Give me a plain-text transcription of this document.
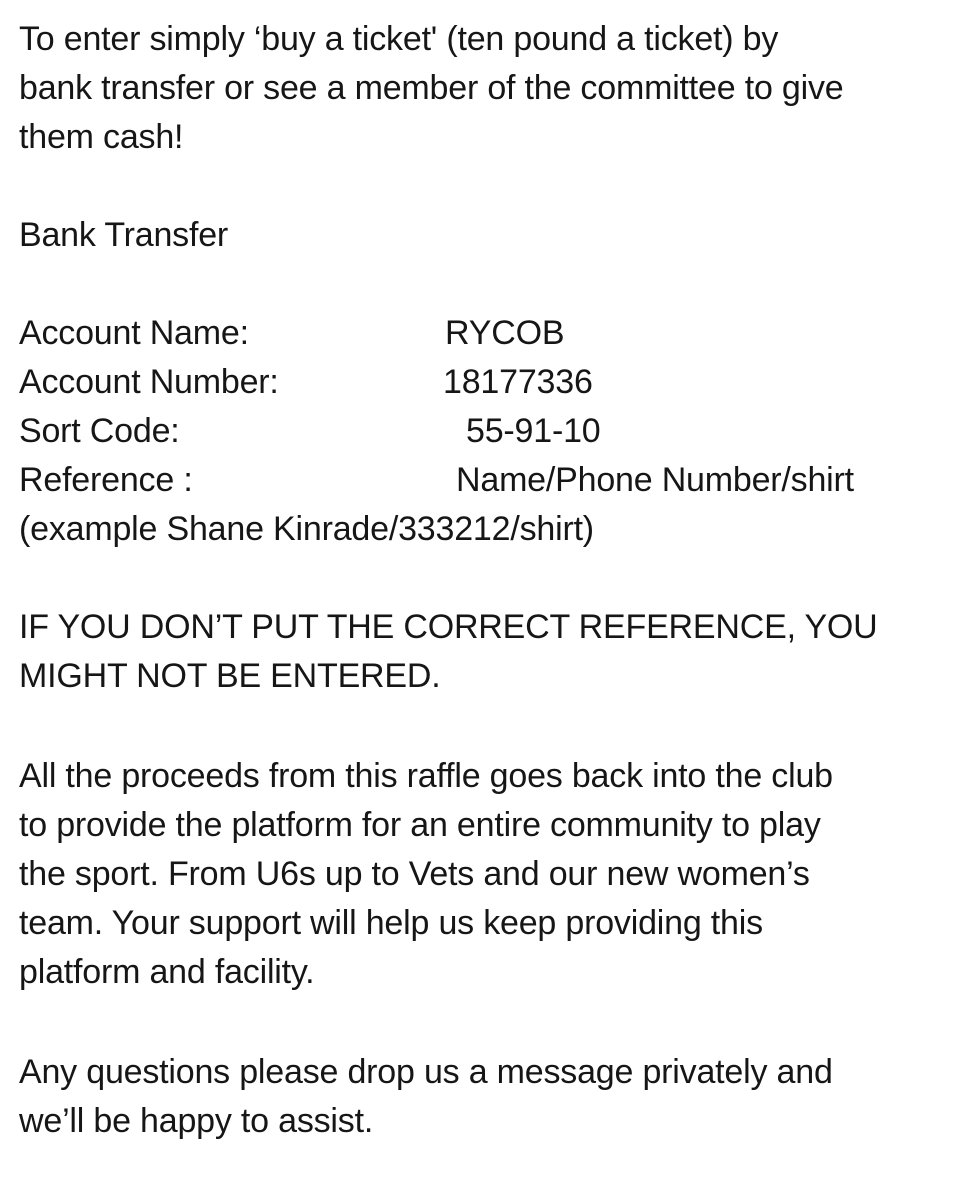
To enter simply ‘buy a ticket' (ten pound a ticket) by
bank transfer or see a member of the committee to give
them cash!
Bank Transfer
Account Name:	RYCOB
Account Number:	18177336
Sort Code:	55-91-10
Reference :	Name/Phone Number/shirt
(example Shane Kinrade/333212/shirt)
IF YOU DON’T PUT THE CORRECT REFERENCE, YOU
MIGHT NOT BE ENTERED.
All the proceeds from this raffle goes back into the club
to provide the platform for an entire community to play
the sport. From U6s up to Vets and our new women’s
team. Your support will help us keep providing this
platform and facility.
Any questions please drop us a message privately and
we’ll be happy to assist.
